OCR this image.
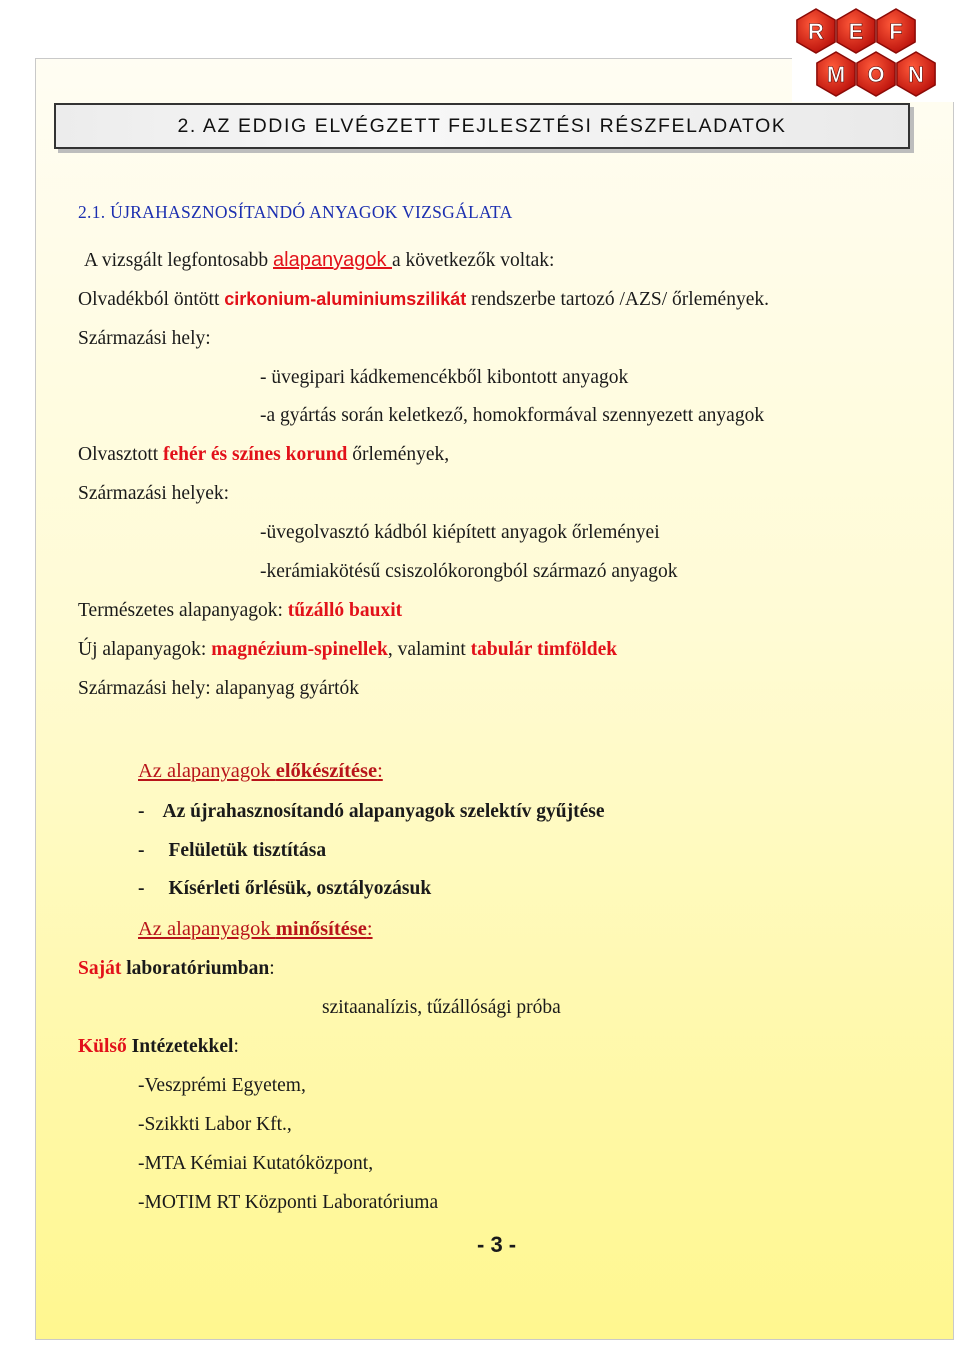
R E F
M O N
2. AZ EDDIG ELVÉGZETT FEJLESZTÉSI RÉSZFELADATOK
2.1. ÚJRAHASZNOSÍTANDÓ ANYAGOK VIZSGÁLATA
A vizsgált legfontosabb alapanyagok a következők voltak:
Olvadékból öntött cirkonium-aluminiumszilikát rendszerbe tartozó /AZS/ őrlemények.
Származási hely:
- üvegipari kádkemencékből kibontott anyagok
-a gyártás során keletkező, homokformával szennyezett anyagok
Olvasztott fehér és színes korund őrlemények,
Származási helyek:
-üvegolvasztó kádból kiépített anyagok őrleményei
-kerámiakötésű csiszolókorongból származó anyagok
Természetes alapanyagok: tűzálló bauxit
Új alapanyagok: magnézium-spinellek, valamint tabulár timföldek
Származási hely: alapanyag gyártók
Az alapanyagok előkészítése:
- Az újrahasznosítandó alapanyagok szelektív gyűjtése
- Felületük tisztítása
- Kísérleti őrlésük, osztályozásuk
Az alapanyagok minősítése:
Saját laboratóriumban:
szitaanalízis, tűzállósági próba
Külső Intézetekkel:
-Veszprémi Egyetem,
-Szikkti Labor Kft.,
-MTA Kémiai Kutatóközpont,
-MOTIM RT Központi Laboratóriuma
- 3 -
